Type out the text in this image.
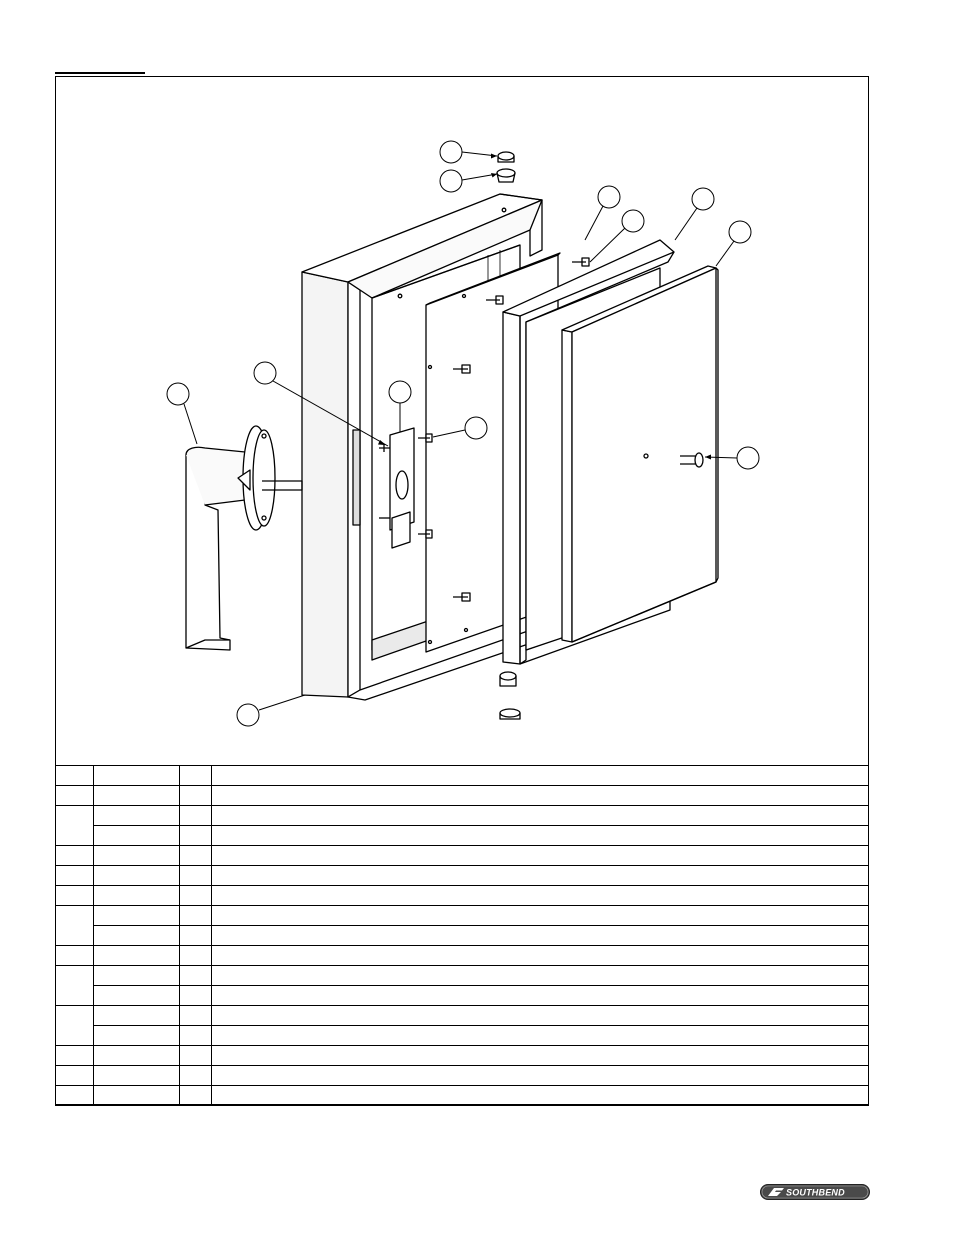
SOUTHBEND
